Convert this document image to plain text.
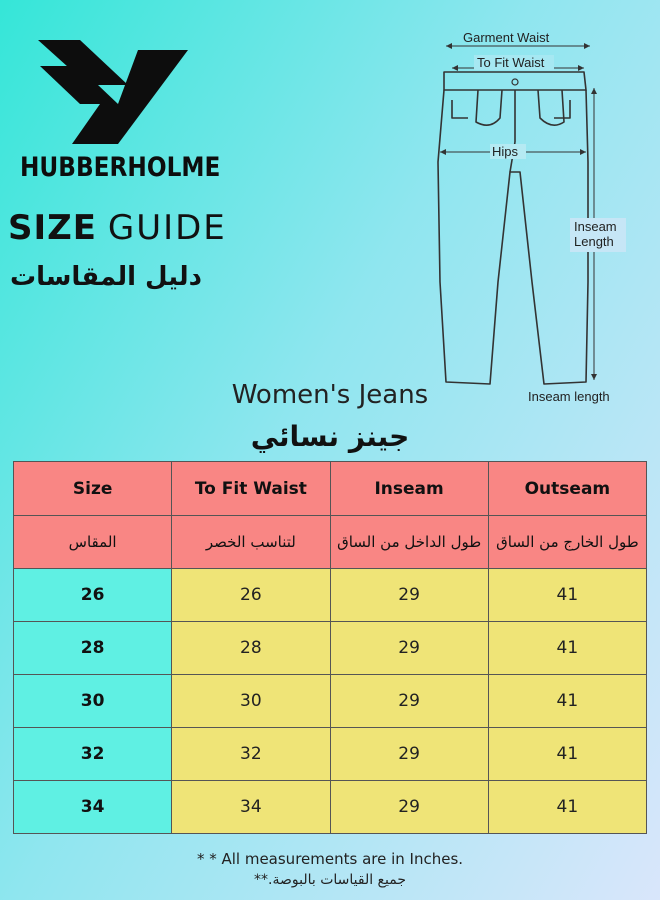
HUBBERHOLME
SIZE GUIDE
دليل المقاسات
Garment Waist
To Fit Waist
Hips
Inseam
Length
Inseam length
Women's Jeans
جينز نسائي
Size	To Fit Waist	Inseam	Outseam
المقاس	لتناسب الخصر	طول الداخل من الساق	طول الخارج من الساق
26	26	29	41
28	28	29	41
30	30	29	41
32	32	29	41
34	34	29	41
* * All measurements are in Inches.
جميع القياسات بالبوصة.**
